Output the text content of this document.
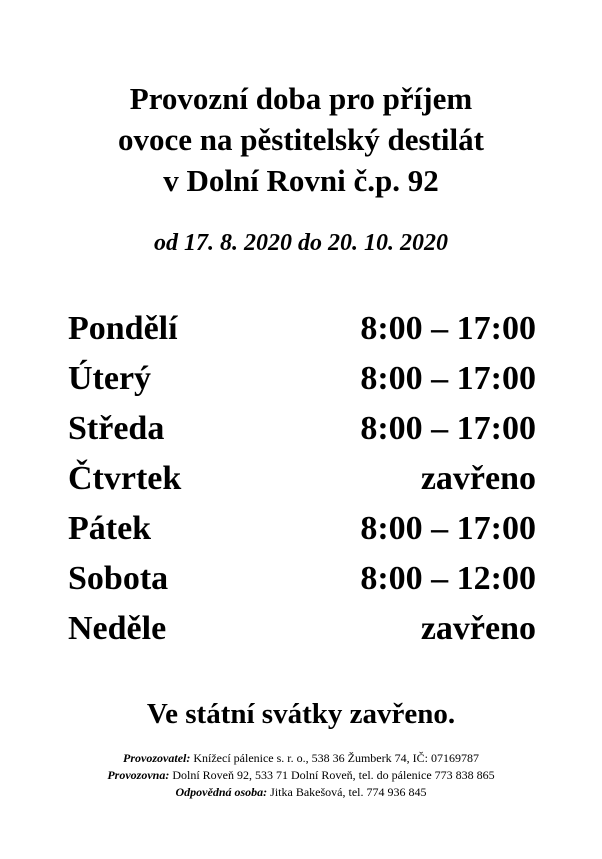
Provozní doba pro příjem
ovoce na pěstitelský destilát
v Dolní Rovni č.p. 92
od 17. 8. 2020 do 20. 10. 2020
Pondělí	8:00 – 17:00
Úterý	8:00 – 17:00
Středa	8:00 – 17:00
Čtvrtek	zavřeno
Pátek	8:00 – 17:00
Sobota	8:00 – 12:00
Neděle	zavřeno
Ve státní svátky zavřeno.
Provozovatel: Knížecí pálenice s. r. o., 538 36 Žumberk 74, IČ: 07169787
Provozovna: Dolní Roveň 92, 533 71 Dolní Roveň, tel. do pálenice 773 838 865
Odpovědná osoba: Jitka Bakešová, tel. 774 936 845
